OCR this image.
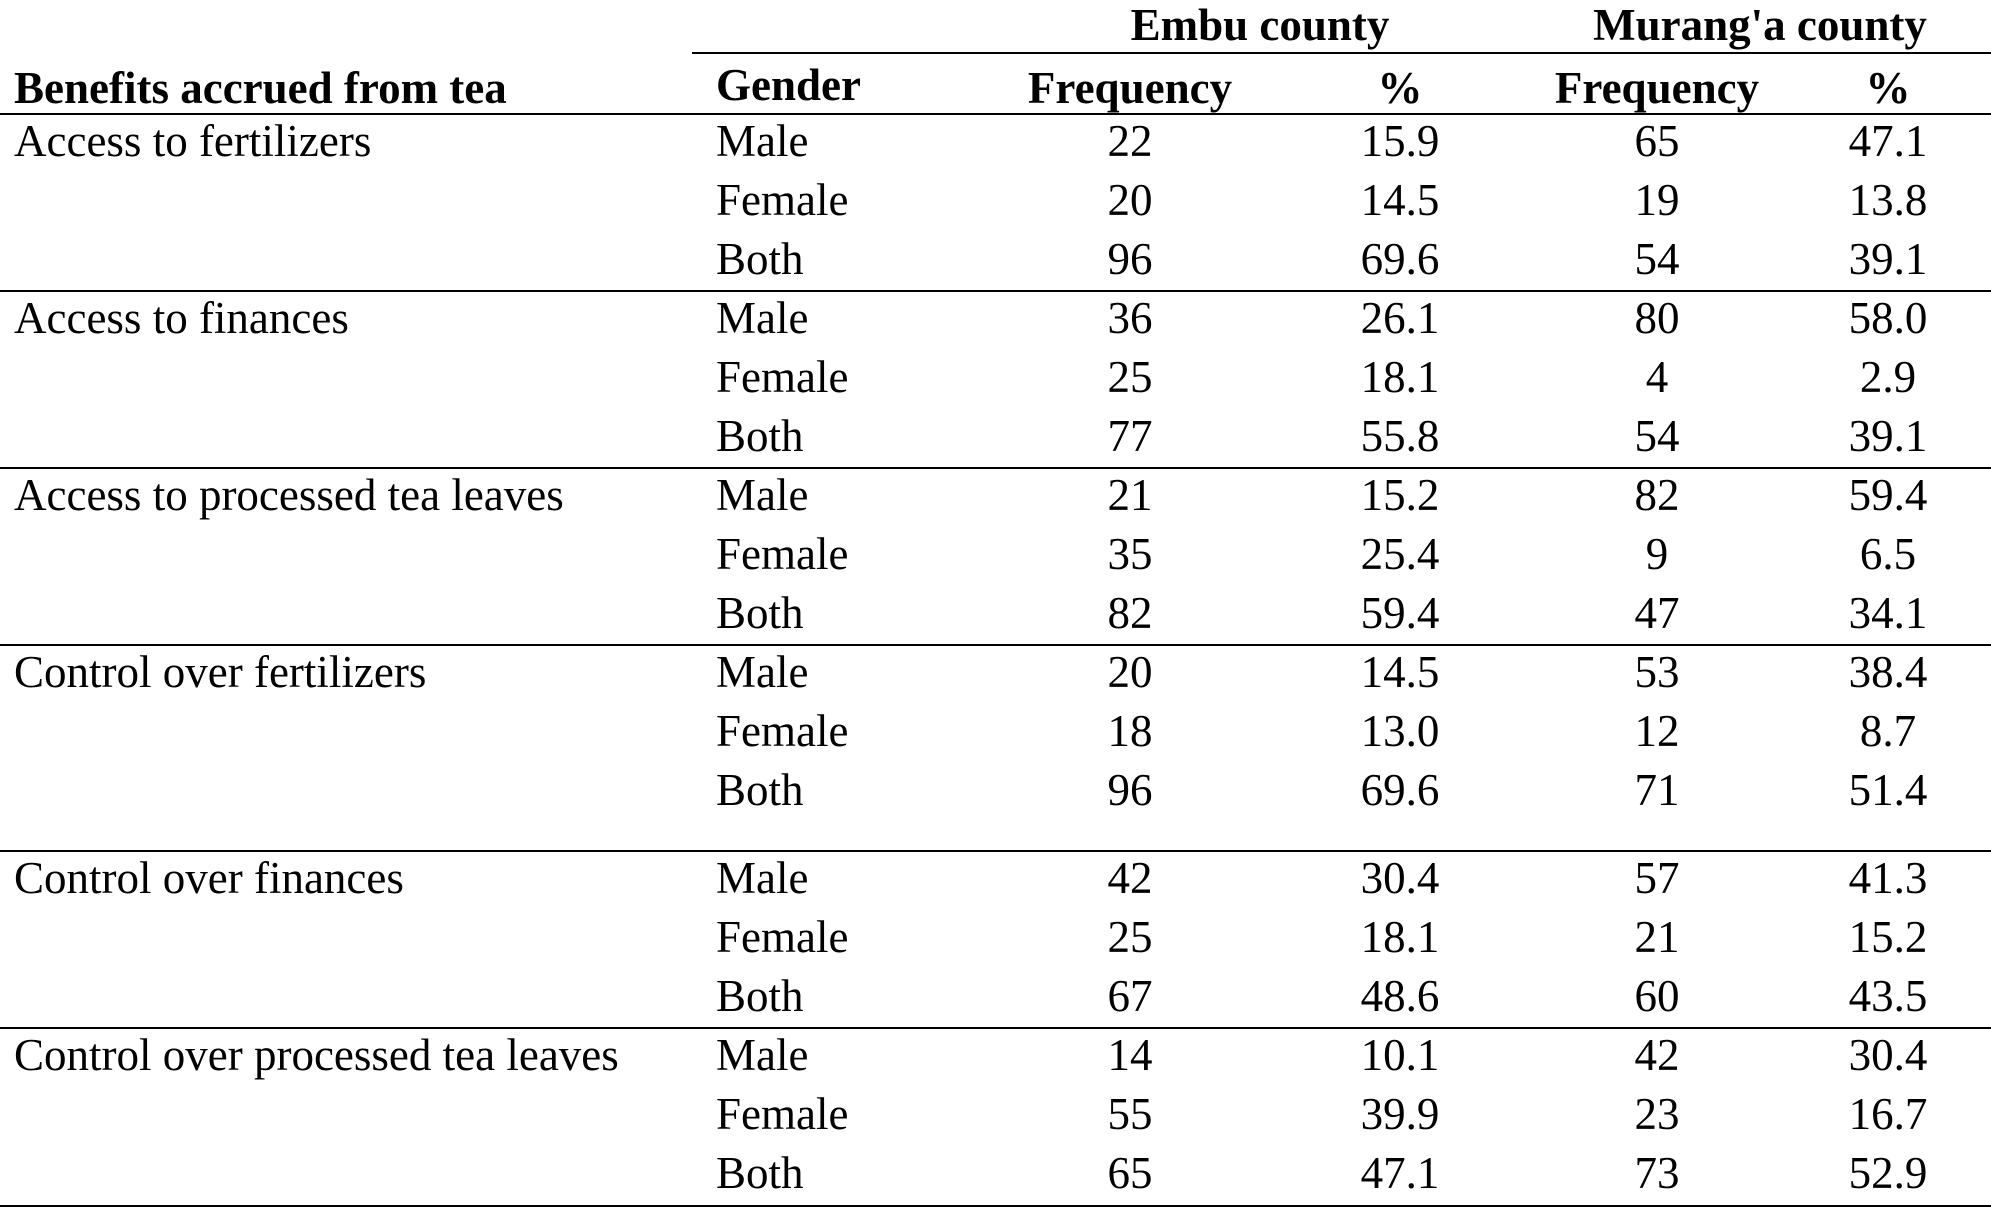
Embu county	Murang'a county
Benefits accrued from tea	Gender	Frequency	%	Frequency	%
Access to fertilizers	Male	22	15.9	65	47.1
Female	20	14.5	19	13.8
Both	96	69.6	54	39.1
Access to finances	Male	36	26.1	80	58.0
Female	25	18.1	4	2.9
Both	77	55.8	54	39.1
Access to processed tea leaves	Male	21	15.2	82	59.4
Female	35	25.4	9	6.5
Both	82	59.4	47	34.1
Control over fertilizers	Male	20	14.5	53	38.4
Female	18	13.0	12	8.7
Both	96	69.6	71	51.4
Control over finances	Male	42	30.4	57	41.3
Female	25	18.1	21	15.2
Both	67	48.6	60	43.5
Control over processed tea leaves Male	14	10.1	42	30.4
Female	55	39.9	23	16.7
Both	65	47.1	73	52.9
